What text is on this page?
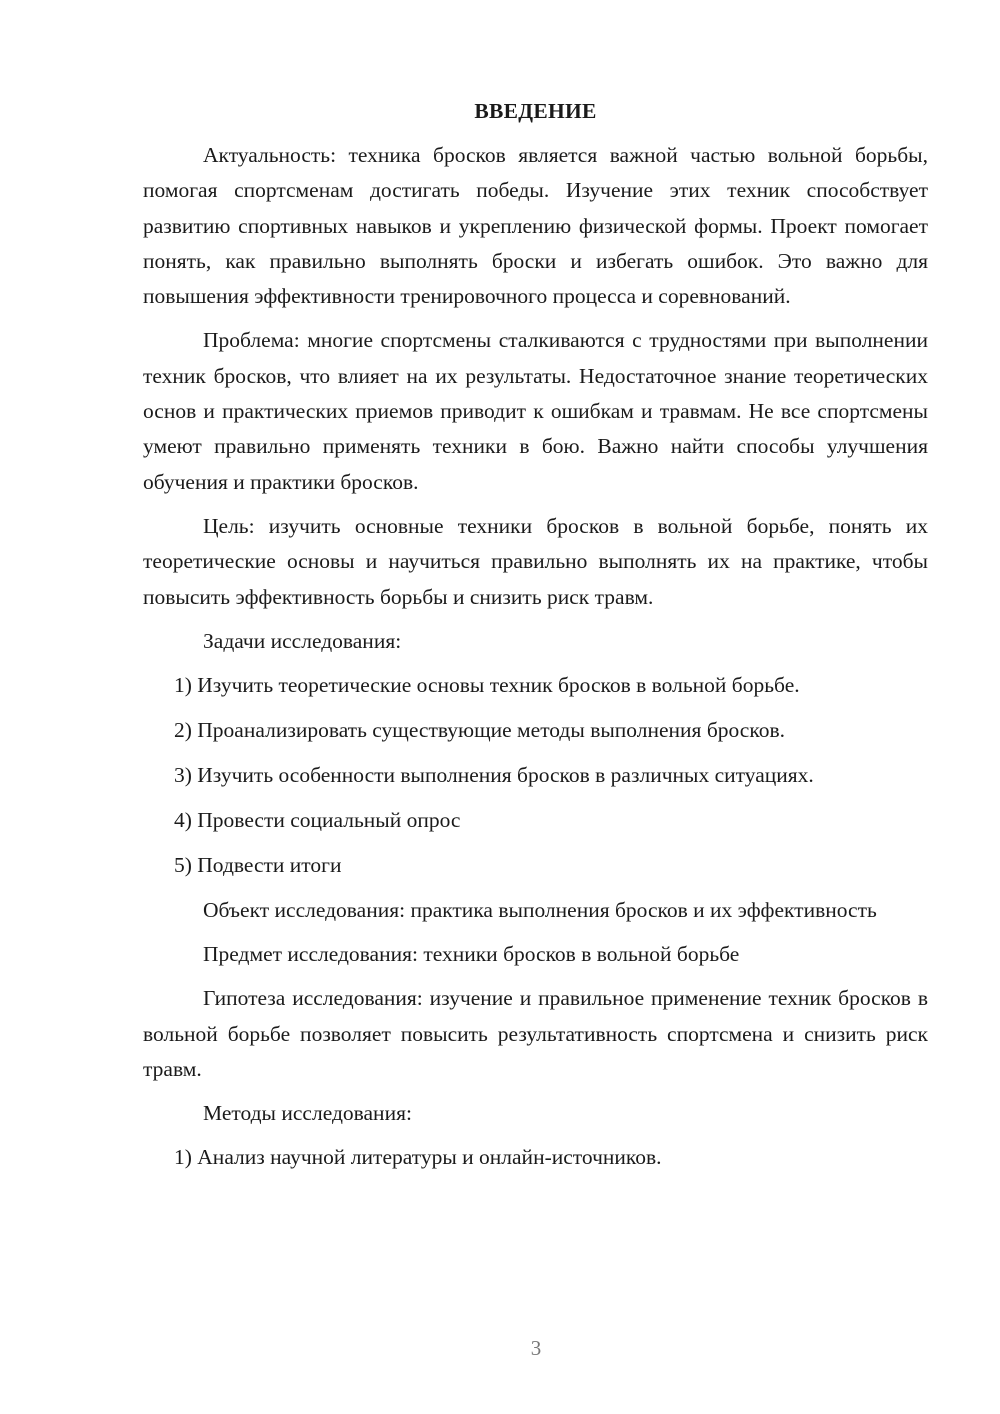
ВВЕДЕНИЕ

Актуальность: техника бросков является важной частью вольной борьбы, помогая спортсменам достигать победы. Изучение этих техник способствует развитию спортивных навыков и укреплению физической формы. Проект помогает понять, как правильно выполнять броски и избегать ошибок. Это важно для повышения эффективности тренировочного процесса и соревнований.

Проблема: многие спортсмены сталкиваются с трудностями при выполнении техник бросков, что влияет на их результаты. Недостаточное знание теоретических основ и практических приемов приводит к ошибкам и травмам. Не все спортсмены умеют правильно применять техники в бою. Важно найти способы улучшения обучения и практики бросков.

Цель: изучить основные техники бросков в вольной борьбе, понять их теоретические основы и научиться правильно выполнять их на практике, чтобы повысить эффективность борьбы и снизить риск травм.

Задачи исследования:

1) Изучить теоретические основы техник бросков в вольной борьбе.

2) Проанализировать существующие методы выполнения бросков.

3) Изучить особенности выполнения бросков в различных ситуациях.

4) Провести социальный опрос

5) Подвести итоги

Объект исследования: практика выполнения бросков и их эффективность

Предмет исследования: техники бросков в вольной борьбе

Гипотеза исследования: изучение и правильное применение техник бросков в вольной борьбе позволяет повысить результативность спортсмена и снизить риск травм.

Методы исследования:

1) Анализ научной литературы и онлайн-источников.

3
